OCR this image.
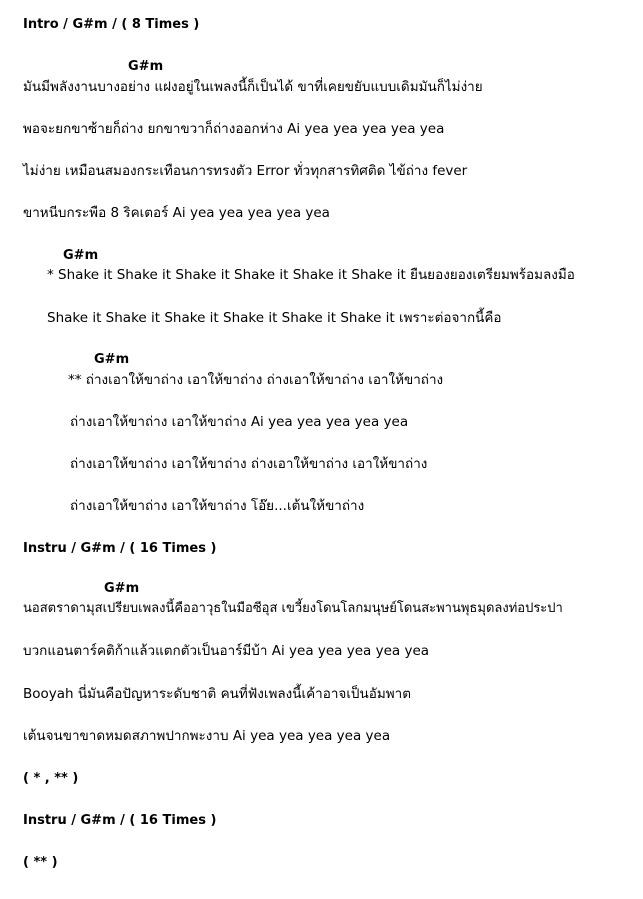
Intro / G#m / ( 8 Times )
G#m
มันมีพลังงานบางอย่าง แฝงอยู่ในเพลงนี้ก็เป็นได้ ขาที่เคยขยับแบบเดิมมันก็ไม่ง่าย
พอจะยกขาซ้ายก็ถ่าง ยกขาขวาก็ถ่างออกห่าง Ai yea yea yea yea yea
ไม่ง่าย เหมือนสมองกระเทือนการทรงตัว Error ทั่วทุกสารทิศติด ไข้ถ่าง fever
ขาหนีบกระพือ 8 ริคเตอร์ Ai yea yea yea yea yea
G#m
* Shake it Shake it Shake it Shake it Shake it Shake it ยืนยองยองเตรียมพร้อมลงมือ
Shake it Shake it Shake it Shake it Shake it Shake it เพราะต่อจากนี้คือ
G#m
** ถ่างเอาให้ขาถ่าง เอาให้ขาถ่าง ถ่างเอาให้ขาถ่าง เอาให้ขาถ่าง
ถ่างเอาให้ขาถ่าง เอาให้ขาถ่าง Ai yea yea yea yea yea
ถ่างเอาให้ขาถ่าง เอาให้ขาถ่าง ถ่างเอาให้ขาถ่าง เอาให้ขาถ่าง
ถ่างเอาให้ขาถ่าง เอาให้ขาถ่าง โอ๊ย...เต้นให้ขาถ่าง
Instru / G#m / ( 16 Times )
G#m
นอสตราดามุสเปรียบเพลงนี้คืออาวุธในมือซีอุส เขวี้ยงโดนโลกมนุษย์โดนสะพานพุธมุดลงท่อประปา
บวกแอนตาร์คติก้าแล้วแตกตัวเป็นอาร์มีบ้า Ai yea yea yea yea yea
Booyah นี่มันคือปัญหาระดับชาติ คนที่ฟังเพลงนี้เค้าอาจเป็นอัมพาต
เต้นจนขาขาดหมดสภาพปากพะงาบ Ai yea yea yea yea yea
( * , ** )
Instru / G#m / ( 16 Times )
( ** )
